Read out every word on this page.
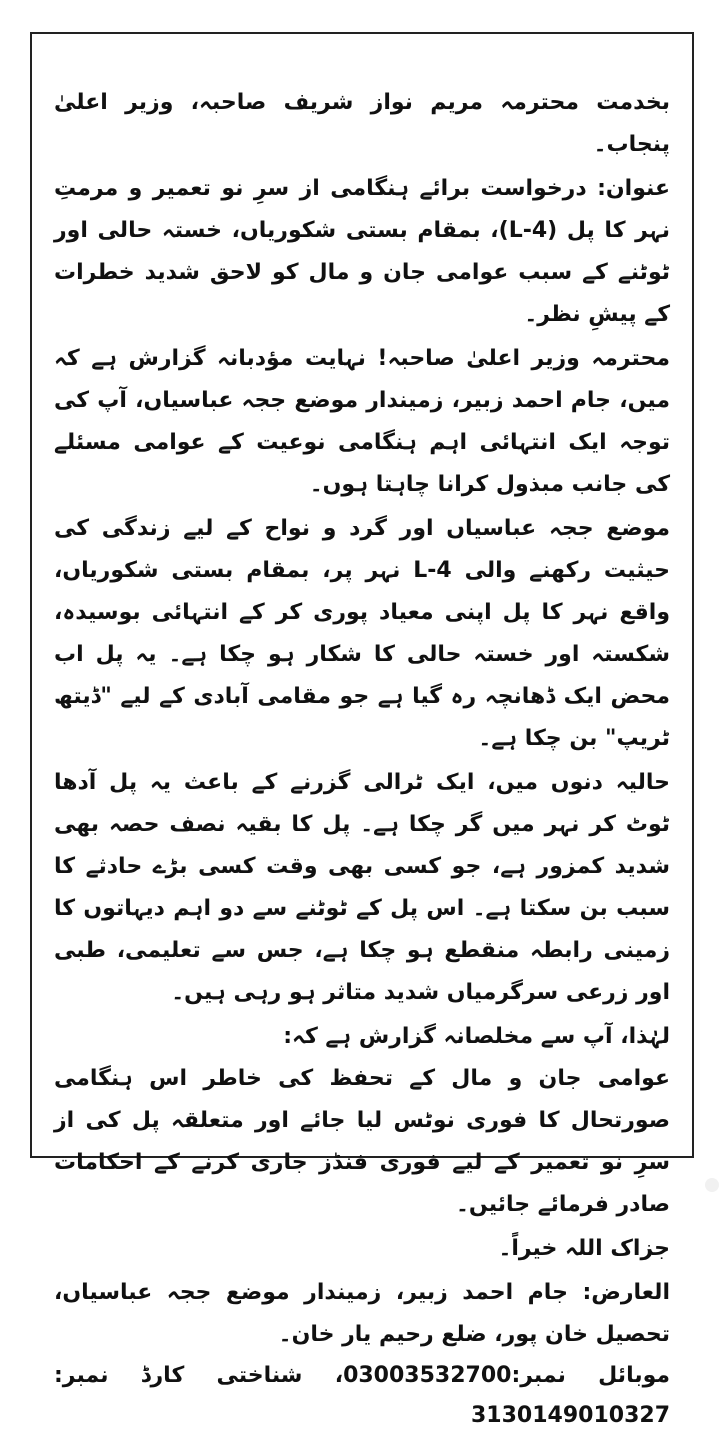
بخدمت محترمہ مریم نواز شریف صاحبہ، وزیر اعلیٰ پنجاب۔

عنوان: درخواست برائے ہنگامی از سرِ نو تعمیر و مرمتِ نہر کا پل (L-4)، بمقام بستی شکوریاں، خستہ حالی اور ٹوٹنے کے سبب عوامی جان و مال کو لاحق شدید خطرات کے پیشِ نظر۔

محترمہ وزیر اعلیٰ صاحبہ! نہایت مؤدبانہ گزارش ہے کہ میں، جام احمد زبیر، زمیندار موضع ججہ عباسیاں، آپ کی توجہ ایک انتہائی اہم ہنگامی نوعیت کے عوامی مسئلے کی جانب مبذول کرانا چاہتا ہوں۔

موضع ججہ عباسیاں اور گرد و نواح کے لیے زندگی کی حیثیت رکھنے والی L-4 نہر پر، بمقام بستی شکوریاں، واقع نہر کا پل اپنی معیاد پوری کر کے انتہائی بوسیدہ، شکستہ اور خستہ حالی کا شکار ہو چکا ہے۔ یہ پل اب محض ایک ڈھانچہ رہ گیا ہے جو مقامی آبادی کے لیے "ڈیتھ ٹریپ" بن چکا ہے۔

حالیہ دنوں میں، ایک ٹرالی گزرنے کے باعث یہ پل آدھا ٹوٹ کر نہر میں گر چکا ہے۔ پل کا بقیہ نصف حصہ بھی شدید کمزور ہے، جو کسی بھی وقت کسی بڑے حادثے کا سبب بن سکتا ہے۔ اس پل کے ٹوٹنے سے دو اہم دیہاتوں کا زمینی رابطہ منقطع ہو چکا ہے، جس سے تعلیمی، طبی اور زرعی سرگرمیاں شدید متاثر ہو رہی ہیں۔

لہٰذا، آپ سے مخلصانہ گزارش ہے کہ:

عوامی جان و مال کے تحفظ کی خاطر اس ہنگامی صورتحال کا فوری نوٹس لیا جائے اور متعلقہ پل کی از سرِ نو تعمیر کے لیے فوری فنڈز جاری کرنے کے احکامات صادر فرمائے جائیں۔

جزاک اللہ خیراً۔

العارض: جام احمد زبیر، زمیندار موضع ججہ عباسیاں، تحصیل خان پور، ضلع رحیم یار خان۔

موبائل نمبر:03003532700، شناختی کارڈ نمبر:3130149010327
